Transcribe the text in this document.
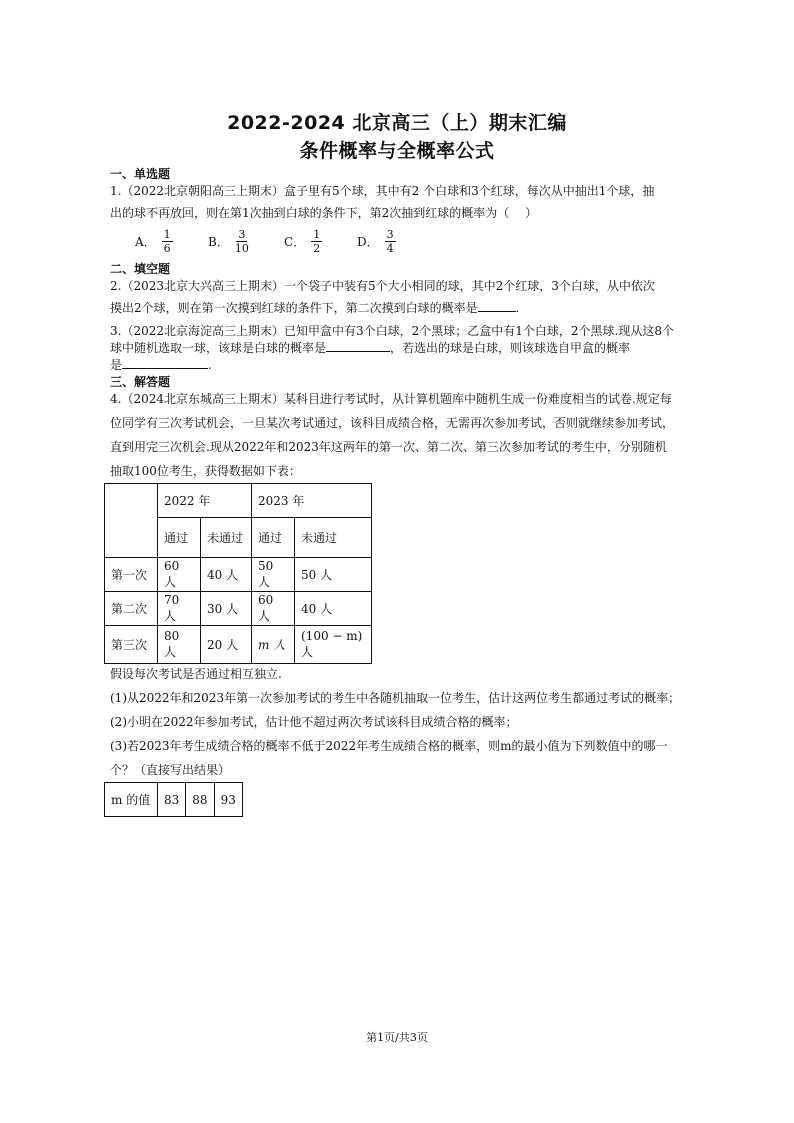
2022-2024 北京高三（上）期末汇编
条件概率与全概率公式
一、单选题
1.（2022北京朝阳高三上期末）盒子里有5个球，其中有2 个白球和3个红球，每次从中抽出1个球，抽
出的球不再放回，则在第1次抽到白球的条件下，第2次抽到红球的概率为（　 ）
A． $\frac{1}{6}$	B． $\frac{3}{10}$	C． $\frac{1}{2}$	D． $\frac{3}{4}$
二、填空题
2.（2023北京大兴高三上期末）一个袋子中装有5个大小相同的球，其中2个红球，3个白球，从中依次
摸出2个球，则在第一次摸到红球的条件下，第二次摸到白球的概率是	.
3.（2022北京海淀高三上期末）已知甲盒中有3个白球，2个黑球；乙盒中有1个白球，2个黑球.现从这8个
球中随机选取一球，该球是白球的概率是	，若选出的球是白球，则该球选自甲盒的概率
是	.
三、解答题
4.（2024北京东城高三上期末）某科目进行考试时，从计算机题库中随机生成一份难度相当的试卷.规定每
位同学有三次考试机会，一旦某次考试通过，该科目成绩合格，无需再次参加考试，否则就继续参加考试，
直到用完三次机会.现从2022年和2023年这两年的第一次、第二次、第三次参加考试的考生中，分别随机
抽取100位考生，获得数据如下表：
	2022 年		2023 年	
	通过	未通过	通过	未通过
第一次	60 人	40 人	50 人	50 人
第二次	70 人	30 人	60 人	40 人
第三次	80 人	20 人	m 人	(100 − m) 人
假设每次考试是否通过相互独立.
(1)从2022年和2023年第一次参加考试的考生中各随机抽取一位考生，估计这两位考生都通过考试的概率；
(2)小明在2022年参加考试，估计他不超过两次考试该科目成绩合格的概率；
(3)若2023年考生成绩合格的概率不低于2022年考生成绩合格的概率，则m的最小值为下列数值中的哪一
个？（直接写出结果）
m 的值	83	88	93
第1页/共3页
